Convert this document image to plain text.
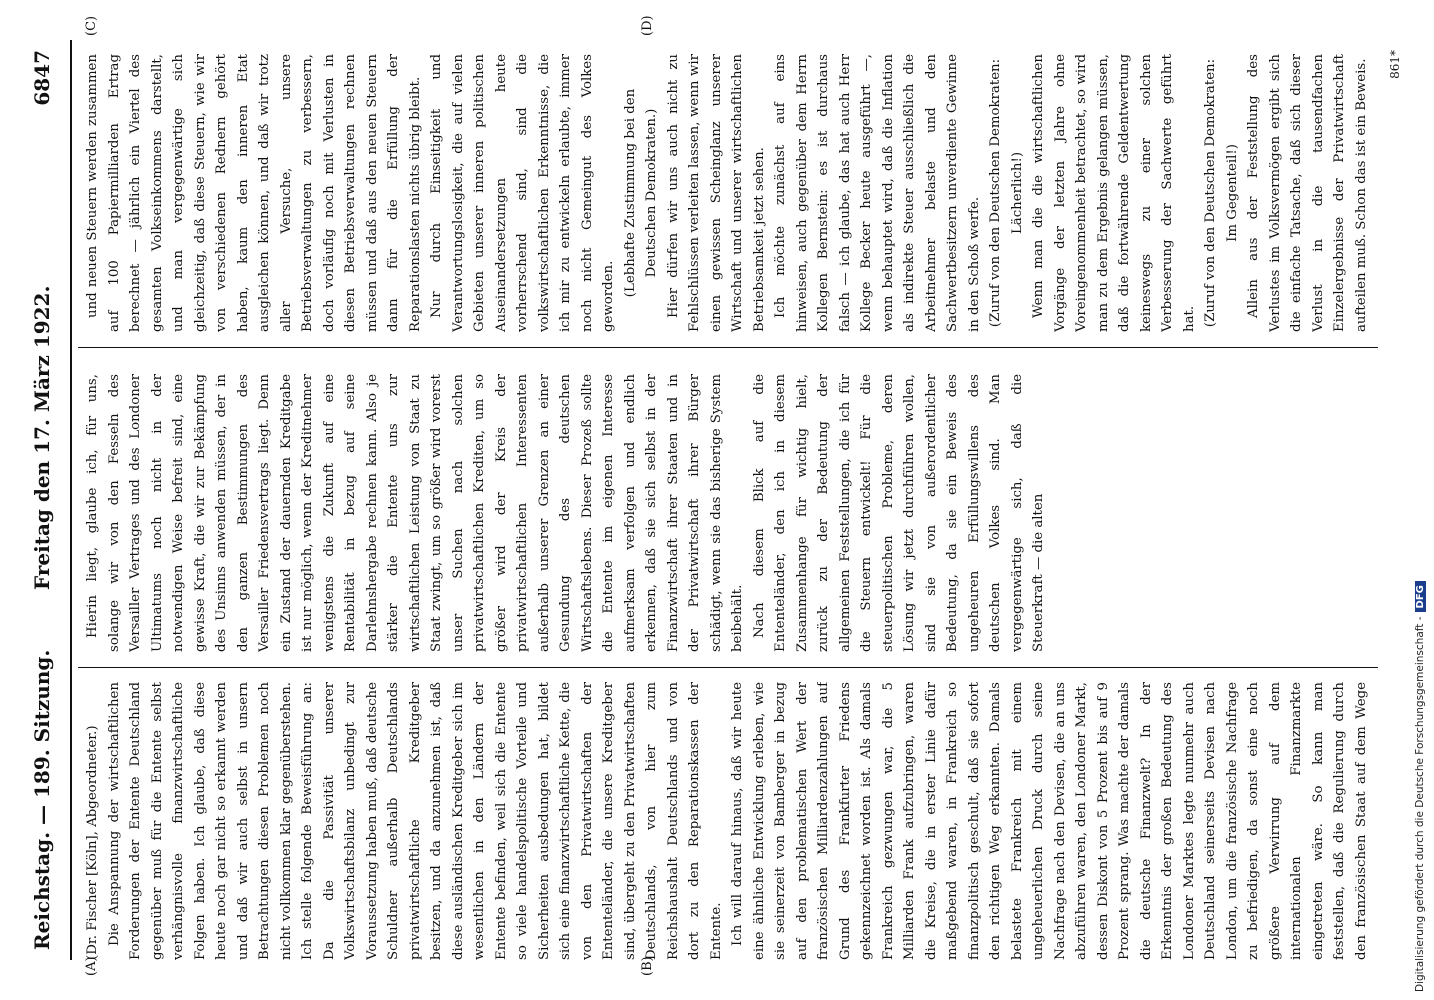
Reichstag. — 189. Sitzung.
Freitag den 17. März 1922.
6847
(A)	(B)
(C)	(D)

(Dr. Fischer [Köln], Abgeordneter.) Die Anspannung der wirtschaftlichen Forderungen der Entente Deutschland gegenüber muß für die Entente selbst verhängnisvolle finanzwirtschaftliche Folgen haben. Ich glaube, daß diese heute noch gar nicht so erkannt werden und daß wir auch selbst in unsern Betrachtungen diesen Problemen noch nicht vollkommen klar gegenüberstehen. Ich stelle folgende Beweisführung an: Da die Passivität unserer Volkswirtschaftsbilanz unbedingt zur Voraussetzung haben muß, daß deutsche Schuldner außerhalb Deutschlands privatwirtschaftliche Kreditgeber besitzen, und da anzunehmen ist, daß diese ausländischen Kreditgeber sich im wesentlichen in den Ländern der Entente befinden, weil sich die Entente so viele handelspolitische Vorteile und Sicherheiten ausbedungen hat, bildet sich eine finanzwirtschaftliche Kette, die von den Privatwirtschaften der Ententeländer, die unsere Kreditgeber sind, übergeht zu den Privatwirtschaften Deutschlands, von hier zum Reichshaushalt Deutschlands und von dort zu den Reparationskassen der Entente. Ich will darauf hinaus, daß wir heute eine ähnliche Entwicklung erleben, wie sie seinerzeit von Bamberger in bezug auf den problematischen Wert der französischen Milliardenzahlungen auf Grund des Frankfurter Friedens gekennzeichnet worden ist. Als damals Frankreich gezwungen war, die 5 Milliarden Frank aufzubringen, waren die Kreise, die in erster Linie dafür maßgebend waren, in Frankreich so finanzpolitisch geschult, daß sie sofort den richtigen Weg erkannten. Damals belastete Frankreich mit einem ungeheuerlichen Druck durch seine Nachfrage nach den Devisen, die an uns abzuführen waren, den Londoner Markt, dessen Diskont von 5 Prozent bis auf 9 Prozent sprang. Was machte der damals die deutsche Finanzwelt? In der Erkenntnis der großen Bedeutung des Londoner Marktes legte nunmehr auch Deutschland seinerseits Devisen nach London, um die französische Nachfrage zu befriedigen, da sonst eine noch größere Verwirrung auf dem internationalen Finanzmarkte eingetreten wäre. So kann man feststellen, daß die Regulierung durch den französischen Staat auf dem Wege

Hierin liegt, glaube ich, für uns, solange wir von den Fesseln des Versailler Vertrages und des Londoner Ultimatums noch nicht in der notwendigen Weise befreit sind, eine gewisse Kraft, die wir zur Bekämpfung des Unsinns anwenden müssen, der in den ganzen Bestimmungen des Versailler Friedensvertrags liegt. Denn ein Zustand der dauernden Kreditgabe ist nur möglich, wenn der Kreditnehmer wenigstens die Zukunft auf eine Rentabilität in bezug auf seine Darlehnshergabe rechnen kann. Also je stärker die Entente uns zur wirtschaftlichen Leistung von Staat zu Staat zwingt, um so größer wird vorerst unser Suchen nach solchen privatwirtschaftlichen Krediten, um so größer wird der Kreis der privatwirtschaftlichen Interessenten außerhalb unserer Grenzen an einer Gesundung des deutschen Wirtschaftslebens. Dieser Prozeß sollte die Entente im eigenen Interesse aufmerksam verfolgen und endlich erkennen, daß sie sich selbst in der Finanzwirtschaft ihrer Staaten und in der Privatwirtschaft ihrer Bürger schädigt, wenn sie das bisherige System beibehält. Nach diesem Blick auf die Ententeländer, den ich in diesem Zusammenhange für wichtig hielt, zurück zu der Bedeutung der allgemeinen Feststellungen, die ich für die Steuern entwickelt! Für die steuerpolitischen Probleme, deren Lösung wir jetzt durchführen wollen, sind sie von außerordentlicher Bedeutung, da sie ein Beweis des ungeheuren Erfüllungswillens des deutschen Volkes sind. Man vergegenwärtige sich, daß die Steuerkraft — die alten

und neuen Steuern werden zusammen auf 100 Papiermilliarden Ertrag berechnet — jährlich ein Viertel des gesamten Volkseinkommens darstellt, und man vergegenwärtige sich gleichzeitig, daß diese Steuern, wie wir von verschiedenen Rednern gehört haben, kaum den inneren Etat ausgleichen können, und daß wir trotz aller Versuche, unsere Betriebsverwaltungen zu verbessern, doch vorläufig noch mit Verlusten in diesen Betriebsverwaltungen rechnen müssen und daß aus den neuen Steuern dann für die Erfüllung der Reparationslasten nichts übrig bleibt. Nur durch Einseitigkeit und Verantwortungslosigkeit, die auf vielen Gebieten unserer inneren politischen Auseinandersetzungen heute vorherrschend sind, sind die volkswirtschaftlichen Erkenntnisse, die ich mir zu entwickeln erlaubte, immer noch nicht Gemeingut des Volkes geworden. (Lebhafte Zustimmung bei den Deutschen Demokraten.) Hier dürfen wir uns auch nicht zu Fehlschlüssen verleiten lassen, wenn wir einen gewissen Scheinglanz unserer Wirtschaft und unserer wirtschaftlichen Betriebsamkeit jetzt sehen. Ich möchte zunächst auf eins hinweisen, auch gegenüber dem Herrn Kollegen Bernstein: es ist durchaus falsch — ich glaube, das hat auch Herr Kollege Becker heute ausgeführt —, wenn behauptet wird, daß die Inflation als indirekte Steuer ausschließlich die Arbeitnehmer belaste und den Sachwertbesitzern unverdiente Gewinne in den Schoß werfe. (Zuruf von den Deutschen Demokraten: Lächerlich!) Wenn man die die wirtschaftlichen Vorgänge der letzten Jahre ohne Voreingenommenheit betrachtet, so wird man zu dem Ergebnis gelangen müssen, daß die fortwährende Geldentwertung keineswegs zu einer solchen Verbesserung der Sachwerte geführt hat. (Zuruf von den Deutschen Demokraten: Im Gegenteil!) Allein aus der Feststellung des Verlustes im Volksvermögen ergibt sich die einfache Tatsache, daß sich dieser Verlust in die tausendfachen Einzelergebnisse der Privatwirtschaft aufteilen muß. Schon das ist ein Beweis. 861*
Digitalisierung gefördert durch die Deutsche Forschungsgemeinschaft -DFG
